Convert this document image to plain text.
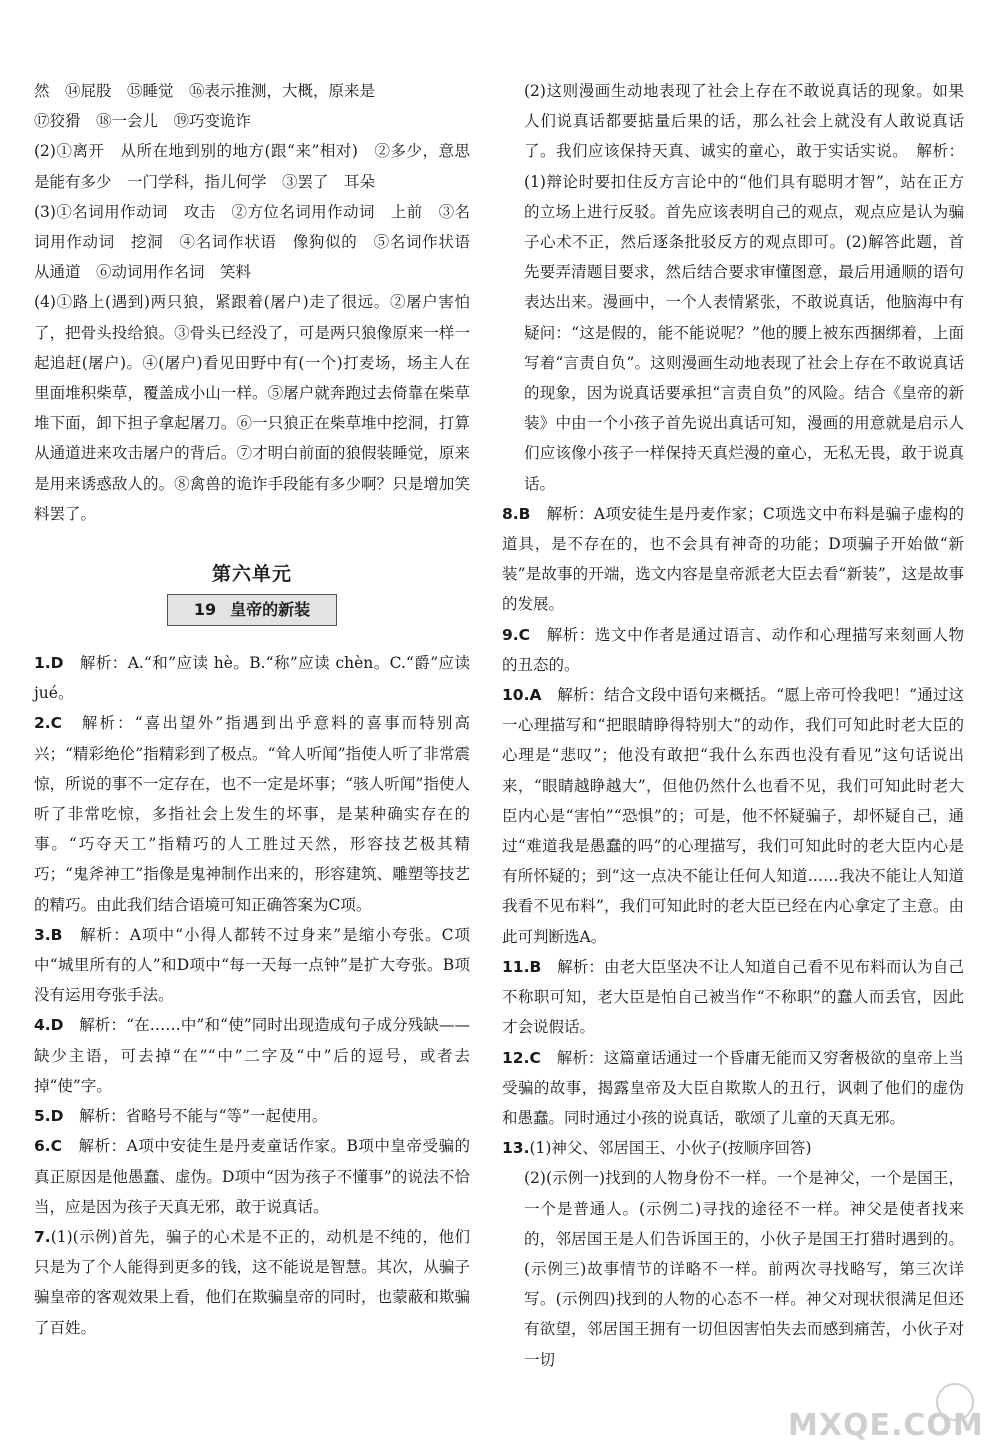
然　⑭屁股　⑮睡觉　⑯表示推测，大概，原来是

⑰狡猾　⑱一会儿　⑲巧变诡诈

(2)①离开　从所在地到别的地方(跟“来”相对)　②多少，意思是能有多少　一门学科，指儿何学　③罢了　耳朵

(3)①名词用作动词　攻击　②方位名词用作动词　上前　③名词用作动词　挖洞　④名词作状语　像狗似的　⑤名词作状语　从通道　⑥动词用作名词　笑料

(4)①路上(遇到)两只狼，紧跟着(屠户)走了很远。②屠户害怕了，把骨头投给狼。③骨头已经没了，可是两只狼像原来一样一起追赶(屠户)。④(屠户)看见田野中有(一个)打麦场，场主人在里面堆积柴草，覆盖成小山一样。⑤屠户就奔跑过去倚靠在柴草堆下面，卸下担子拿起屠刀。⑥一只狼正在柴草堆中挖洞，打算从通道进来攻击屠户的背后。⑦才明白前面的狼假装睡觉，原来是用来诱惑敌人的。⑧禽兽的诡诈手段能有多少啊？只是增加笑料罢了。

第六单元
19 皇帝的新装

1.D　 解析：A.“和”应读 hè。B.“称”应读 chèn。C.“爵”应读 jué。

2.C　 解析：“喜出望外”指遇到出乎意料的喜事而特别高兴；“精彩绝伦”指精彩到了极点。“耸人听闻”指使人听了非常震惊，所说的事不一定存在，也不一定是坏事；“骇人听闻”指使人听了非常吃惊，多指社会上发生的坏事，是某种确实存在的事。“巧夺天工”指精巧的人工胜过天然，形容技艺极其精巧；“鬼斧神工”指像是鬼神制作出来的，形容建筑、雕塑等技艺的精巧。由此我们结合语境可知正确答案为C项。

3.B　 解析：A项中“小得人都转不过身来”是缩小夸张。C项中“城里所有的人”和D项中“每一天每一点钟”是扩大夸张。B项没有运用夸张手法。

4.D　 解析：“在……中”和“使”同时出现造成句子成分残缺——缺少主语，可去掉“在”“中”二字及“中”后的逗号，或者去掉“使”字。

5.D　 解析：省略号不能与“等”一起使用。

6.C　 解析：A项中安徒生是丹麦童话作家。B项中皇帝受骗的真正原因是他愚蠢、虚伪。D项中“因为孩子不懂事”的说法不恰当，应是因为孩子天真无邪，敢于说真话。

7.(1)(示例)首先，骗子的心术是不正的，动机是不纯的，他们只是为了个人能得到更多的钱，这不能说是智慧。其次，从骗子骗皇帝的客观效果上看，他们在欺骗皇帝的同时，也蒙蔽和欺骗了百姓。

(2)这则漫画生动地表现了社会上存在不敢说真话的现象。如果人们说真话都要掂量后果的话，那么社会上就没有人敢说真话了。我们应该保持天真、诚实的童心，敢于实话实说。　解析：(1)辩论时要扣住反方言论中的“他们具有聪明才智”，站在正方的立场上进行反驳。首先应该表明自己的观点，观点应是认为骗子心术不正，然后逐条批驳反方的观点即可。(2)解答此题，首先要弄清题目要求，然后结合要求审懂图意，最后用通顺的语句表达出来。漫画中，一个人表情紧张，不敢说真话，他脑海中有疑问：“这是假的，能不能说呢？”他的腰上被东西捆绑着，上面写着“言责自负”。这则漫画生动地表现了社会上存在不敢说真话的现象，因为说真话要承担“言责自负”的风险。结合《皇帝的新装》中由一个小孩子首先说出真话可知，漫画的用意就是启示人们应该像小孩子一样保持天真烂漫的童心，无私无畏，敢于说真话。

8.B　 解析：A项安徒生是丹麦作家；C项选文中布料是骗子虚构的道具，是不存在的，也不会具有神奇的功能；D项骗子开始做“新装”是故事的开端，选文内容是皇帝派老大臣去看“新装”，这是故事的发展。

9.C　 解析：选文中作者是通过语言、动作和心理描写来刻画人物的丑态的。

10.A　 解析：结合文段中语句来概括。“愿上帝可怜我吧！”通过这一心理描写和“把眼睛睁得特别大”的动作，我们可知此时老大臣的心理是“悲叹”；他没有敢把“我什么东西也没有看见”这句话说出来，“眼睛越睁越大”，但他仍然什么也看不见，我们可知此时老大臣内心是“害怕”“恐惧”的；可是，他不怀疑骗子，却怀疑自己，通过“难道我是愚蠢的吗”的心理描写，我们可知此时的老大臣内心是有所怀疑的；到“这一点决不能让任何人知道……我决不能让人知道我看不见布料”，我们可知此时的老大臣已经在内心拿定了主意。由此可判断选A。

11.B　 解析：由老大臣坚决不让人知道自己看不见布料而认为自己不称职可知，老大臣是怕自己被当作“不称职”的蠢人而丢官，因此才会说假话。

12.C　 解析：这篇童话通过一个昏庸无能而又穷奢极欲的皇帝上当受骗的故事，揭露皇帝及大臣自欺欺人的丑行，讽刺了他们的虚伪和愚蠢。同时通过小孩的说真话，歌颂了儿童的天真无邪。

13.(1)神父、邻居国王、小伙子(按顺序回答)

(2)(示例一)找到的人物身份不一样。一个是神父，一个是国王，一个是普通人。(示例二)寻找的途径不一样。神父是使者找来的，邻居国王是人们告诉国王的，小伙子是国王打猎时遇到的。(示例三)故事情节的详略不一样。前两次寻找略写，第三次详写。(示例四)找到的人物的心态不一样。神父对现状很满足但还有欲望，邻居国王拥有一切但因害怕失去而感到痛苦，小伙子对一切

MXQE.COM
